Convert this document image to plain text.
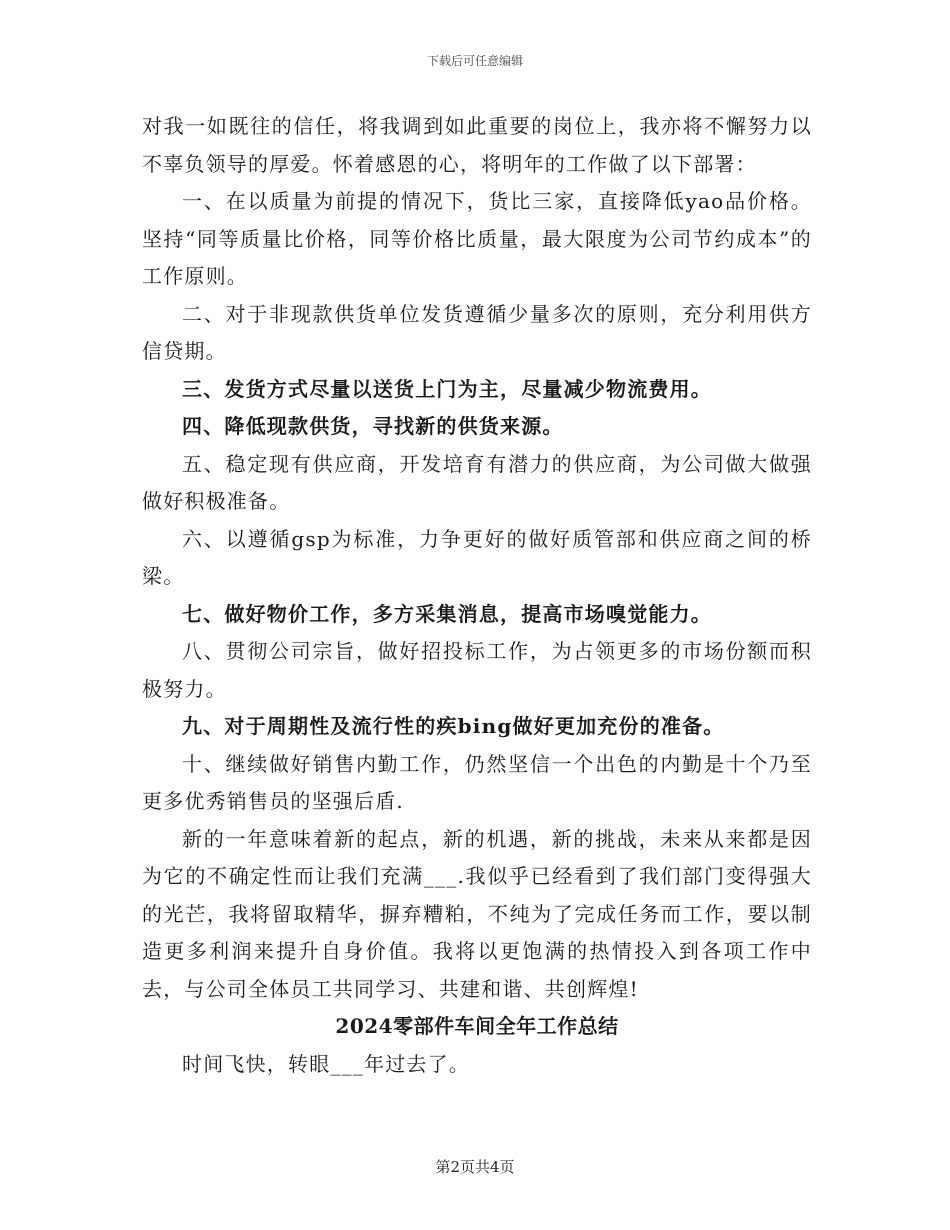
下载后可任意编辑

对我一如既往的信任，将我调到如此重要的岗位上，我亦将不懈努力以不辜负领导的厚爱。怀着感恩的心，将明年的工作做了以下部署：

一、在以质量为前提的情况下，货比三家，直接降低yao品价格。坚持“同等质量比价格，同等价格比质量，最大限度为公司节约成本”的工作原则。

二、对于非现款供货单位发货遵循少量多次的原则，充分利用供方信贷期。

三、发货方式尽量以送货上门为主，尽量减少物流费用。

四、降低现款供货，寻找新的供货来源。

五、稳定现有供应商，开发培育有潜力的供应商，为公司做大做强做好积极准备。

六、以遵循gsp为标准，力争更好的做好质管部和供应商之间的桥梁。

七、做好物价工作，多方采集消息，提高市场嗅觉能力。

八、贯彻公司宗旨，做好招投标工作，为占领更多的市场份额而积极努力。

九、对于周期性及流行性的疾bing做好更加充份的准备。

十、继续做好销售内勤工作，仍然坚信一个出色的内勤是十个乃至更多优秀销售员的坚强后盾.

新的一年意味着新的起点，新的机遇，新的挑战，未来从来都是因为它的不确定性而让我们充满___.我似乎已经看到了我们部门变得强大的光芒，我将留取精华，摒弃糟粕，不纯为了完成任务而工作，要以制造更多利润来提升自身价值。我将以更饱满的热情投入到各项工作中去，与公司全体员工共同学习、共建和谐、共创辉煌!

2024零部件车间全年工作总结

时间飞快，转眼___年过去了。

第2页共4页
